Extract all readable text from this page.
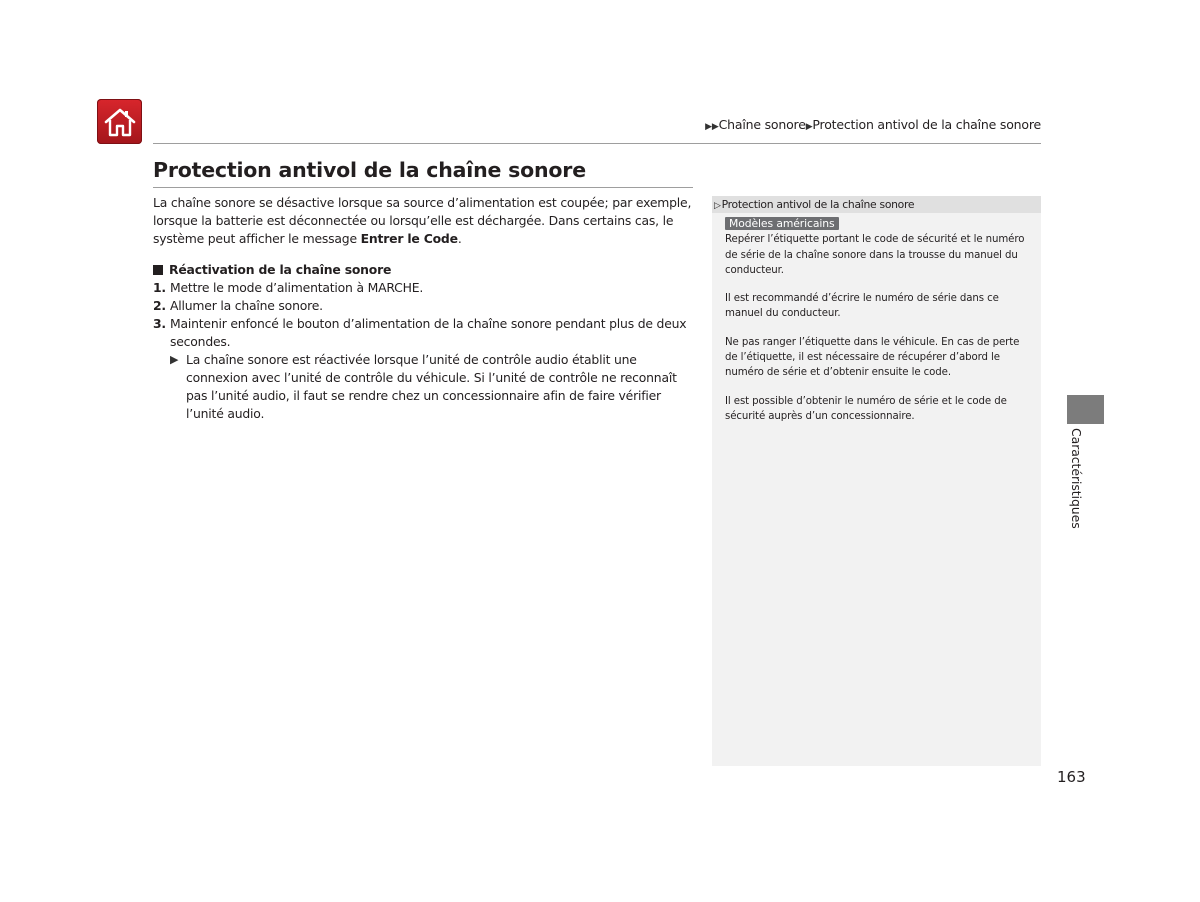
▶▶Chaîne sonore▶Protection antivol de la chaîne sonore
Protection antivol de la chaîne sonore

La chaîne sonore se désactive lorsque sa source d’alimentation est coupée; par exemple, lorsque la batterie est déconnectée ou lorsqu’elle est déchargée. Dans certains cas, le système peut afficher le message Entrer le Code.

Réactivation de la chaîne sonore
1. Mettre le mode d’alimentation à MARCHE.
2. Allumer la chaîne sonore.
3. Maintenir enfoncé le bouton d’alimentation de la chaîne sonore pendant plus de deux secondes.
▶ La chaîne sonore est réactivée lorsque l’unité de contrôle audio établit une connexion avec l’unité de contrôle du véhicule. Si l’unité de contrôle ne reconnaît pas l’unité audio, il faut se rendre chez un concessionnaire afin de faire vérifier l’unité audio.
▷Protection antivol de la chaîne sonore
Modèles américains

Repérer l’étiquette portant le code de sécurité et le numéro de série de la chaîne sonore dans la trousse du manuel du conducteur.

Il est recommandé d’écrire le numéro de série dans ce manuel du conducteur.

Ne pas ranger l’étiquette dans le véhicule. En cas de perte de l’étiquette, il est nécessaire de récupérer d’abord le numéro de série et d’obtenir ensuite le code.

Il est possible d’obtenir le numéro de série et le code de sécurité auprès d’un concessionnaire.

Caractéristiques
163
